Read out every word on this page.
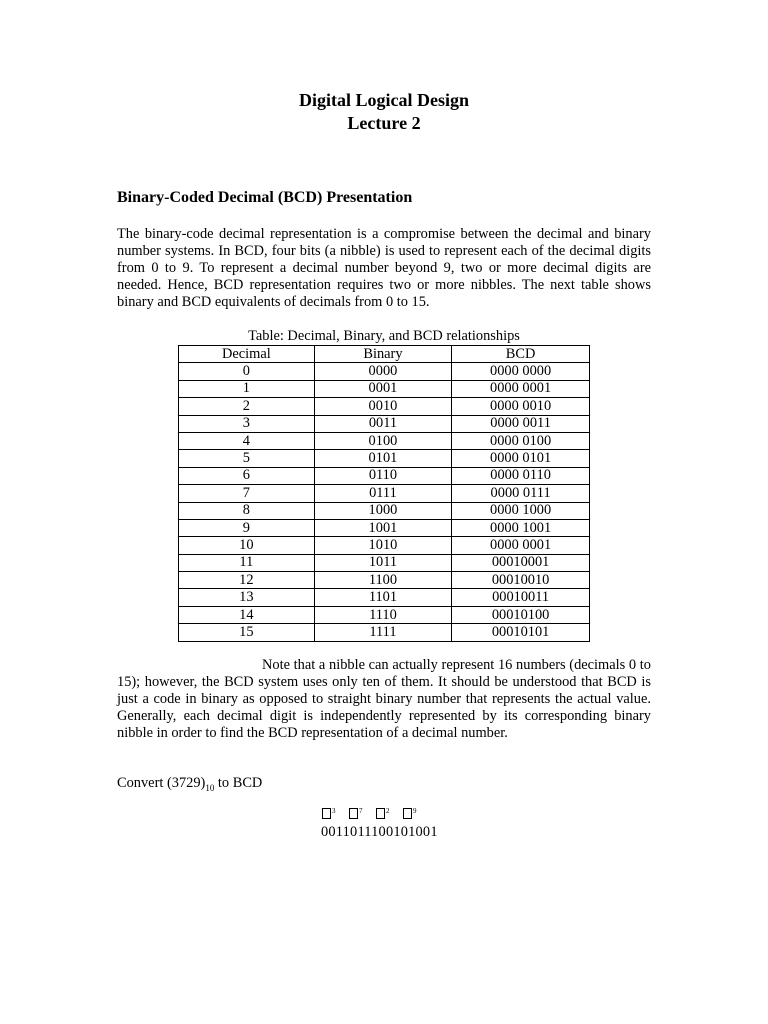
Digital Logical Design
Lecture 2
Binary-Coded Decimal (BCD) Presentation

The binary-code decimal representation is a compromise between the decimal and binary number systems. In BCD, four bits (a nibble) is used to represent each of the decimal digits from 0 to 9. To represent a decimal number beyond 9, two or more decimal digits are needed. Hence, BCD representation requires two or more nibbles. The next table shows binary and BCD equivalents of decimals from 0 to 15.

Table: Decimal, Binary, and BCD relationships

Decimal	Binary	BCD
0	0000	0000 0000
1	0001	0000 0001
2	0010	0000 0010
3	0011	0000 0011
4	0100	0000 0100
5	0101	0000 0101
6	0110	0000 0110
7	0111	0000 0111
8	1000	0000 1000
9	1001	0000 1001
10	1010	0000 0001
11	1011	00010001
12	1100	00010010
13	1101	00010011
14	1110	00010100
15	1111	00010101

Note that a nibble can actually represent 16 numbers (decimals 0 to 15); however, the BCD system uses only ten of them. It should be understood that BCD is just a code in binary as opposed to straight binary number that represents the actual value. Generally, each decimal digit is independently represented by its corresponding binary nibble in order to find the BCD representation of a decimal number.

Convert $(3729)_{10}$ to BCD

3	7	2	9

0011011100101001
